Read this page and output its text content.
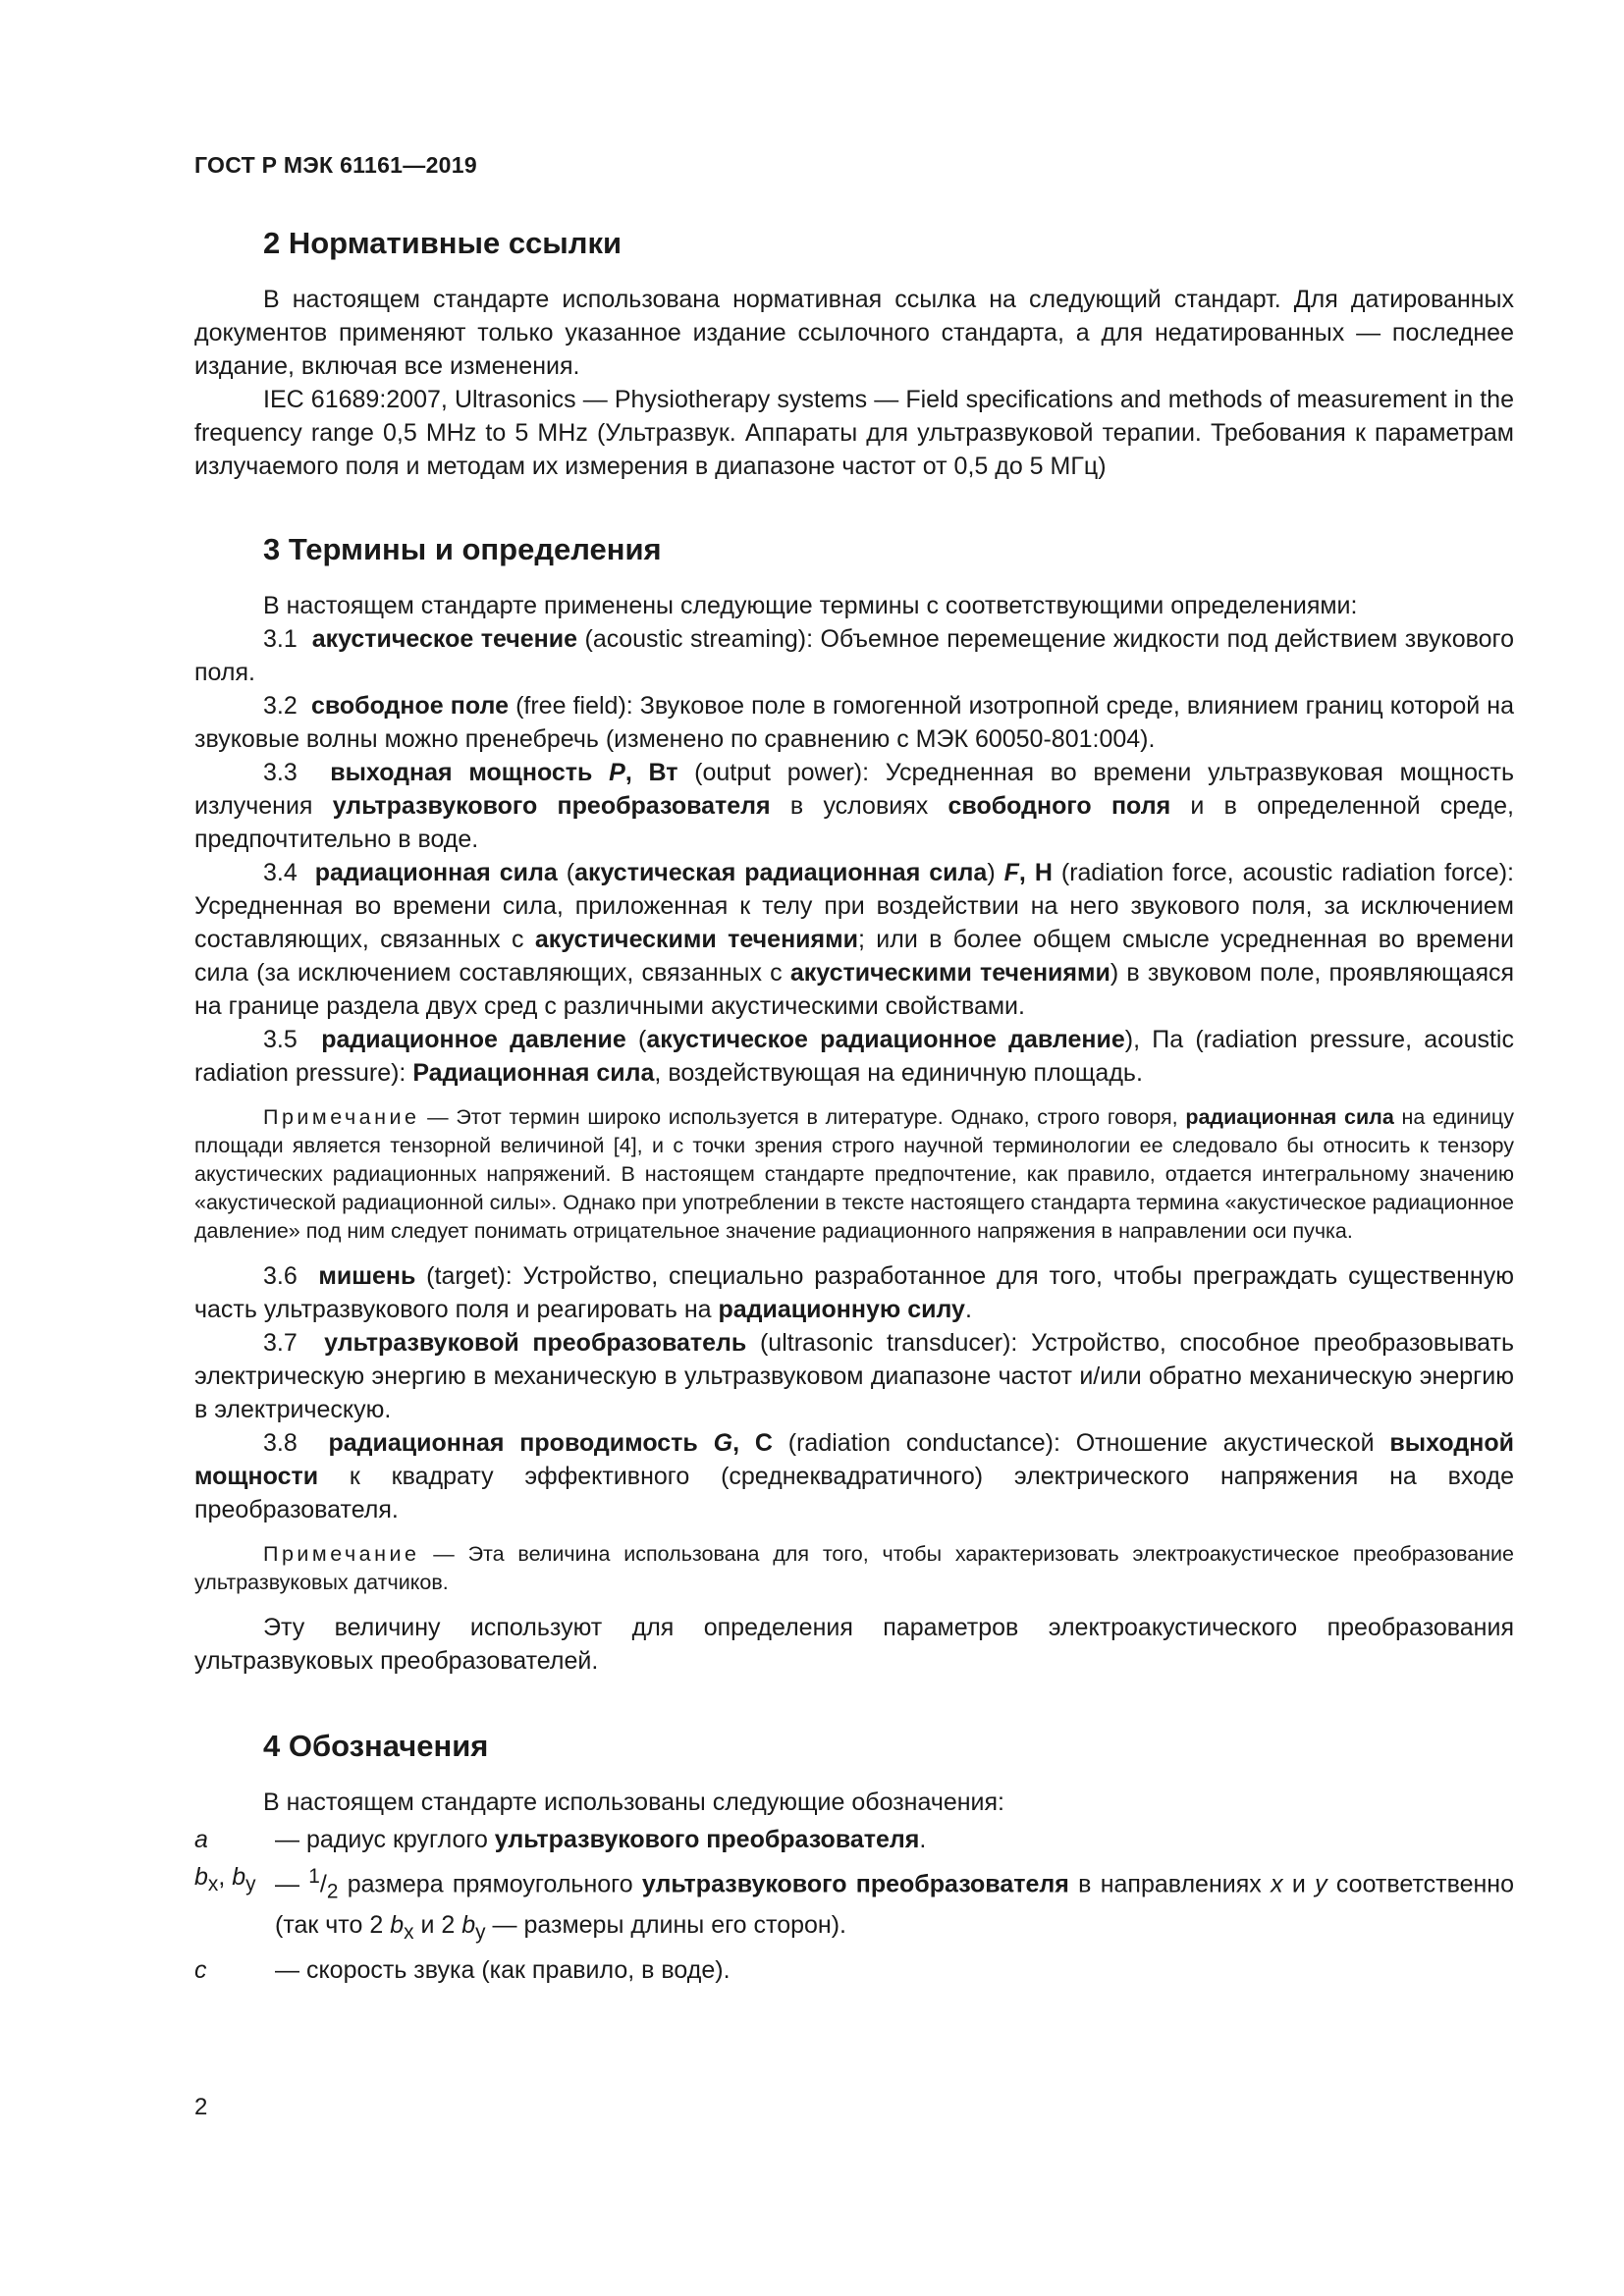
ГОСТ Р МЭК 61161—2019
2 Нормативные ссылки

В настоящем стандарте использована нормативная ссылка на следующий стандарт. Для датированных документов применяют только указанное издание ссылочного стандарта, а для недатированных — последнее издание, включая все изменения.

IEC 61689:2007, Ultrasonics — Physiotherapy systems — Field specifications and methods of measurement in the frequency range 0,5 MHz to 5 MHz (Ультразвук. Аппараты для ультразвуковой терапии. Требования к параметрам излучаемого поля и методам их измерения в диапазоне частот от 0,5 до 5 МГц)

3 Термины и определения

В настоящем стандарте применены следующие термины с соответствующими определениями:

3.1 акустическое течение (acoustic streaming): Объемное перемещение жидкости под действием звукового поля.

3.2 свободное поле (free field): Звуковое поле в гомогенной изотропной среде, влиянием границ которой на звуковые волны можно пренебречь (изменено по сравнению с МЭК 60050-801:004).

3.3 выходная мощность P, Вт (output power): Усредненная во времени ультразвуковая мощность излучения ультразвукового преобразователя в условиях свободного поля и в определенной среде, предпочтительно в воде.

3.4 радиационная сила (акустическая радиационная сила) F, Н (radiation force, acoustic radiation force): Усредненная во времени сила, приложенная к телу при воздействии на него звукового поля, за исключением составляющих, связанных с акустическими течениями; или в более общем смысле усредненная во времени сила (за исключением составляющих, связанных с акустическими течениями) в звуковом поле, проявляющаяся на границе раздела двух сред с различными акустическими свойствами.

3.5 радиационное давление (акустическое радиационное давление), Па (radiation pressure, acoustic radiation pressure): Радиационная сила, воздействующая на единичную площадь.

Примечание — Этот термин широко используется в литературе. Однако, строго говоря, радиационная сила на единицу площади является тензорной величиной [4], и с точки зрения строго научной терминологии ее следовало бы относить к тензору акустических радиационных напряжений. В настоящем стандарте предпочтение, как правило, отдается интегральному значению «акустической радиационной силы». Однако при употреблении в тексте настоящего стандарта термина «акустическое радиационное давление» под ним следует понимать отрицательное значение радиационного напряжения в направлении оси пучка.

3.6 мишень (target): Устройство, специально разработанное для того, чтобы преграждать существенную часть ультразвукового поля и реагировать на радиационную силу.

3.7 ультразвуковой преобразователь (ultrasonic transducer): Устройство, способное преобразовывать электрическую энергию в механическую в ультразвуковом диапазоне частот и/или обратно механическую энергию в электрическую.

3.8 радиационная проводимость G, С (radiation conductance): Отношение акустической выходной мощности к квадрату эффективного (среднеквадратичного) электрического напряжения на входе преобразователя.

Примечание — Эта величина использована для того, чтобы характеризовать электроакустическое преобразование ультразвуковых датчиков.

Эту величину используют для определения параметров электроакустического преобразования ультразвуковых преобразователей.

4 Обозначения

В настоящем стандарте использованы следующие обозначения:

a	— радиус круглого ультразвукового преобразователя.
$b_x$, $b_y$ — $^1/_2$ размера прямоугольного ультразвукового преобразователя в направлениях x и y соответственно (так что 2 $b_x$ и 2 $b_y$ — размеры длины его сторон).
c	— скорость звука (как правило, в воде).
2
